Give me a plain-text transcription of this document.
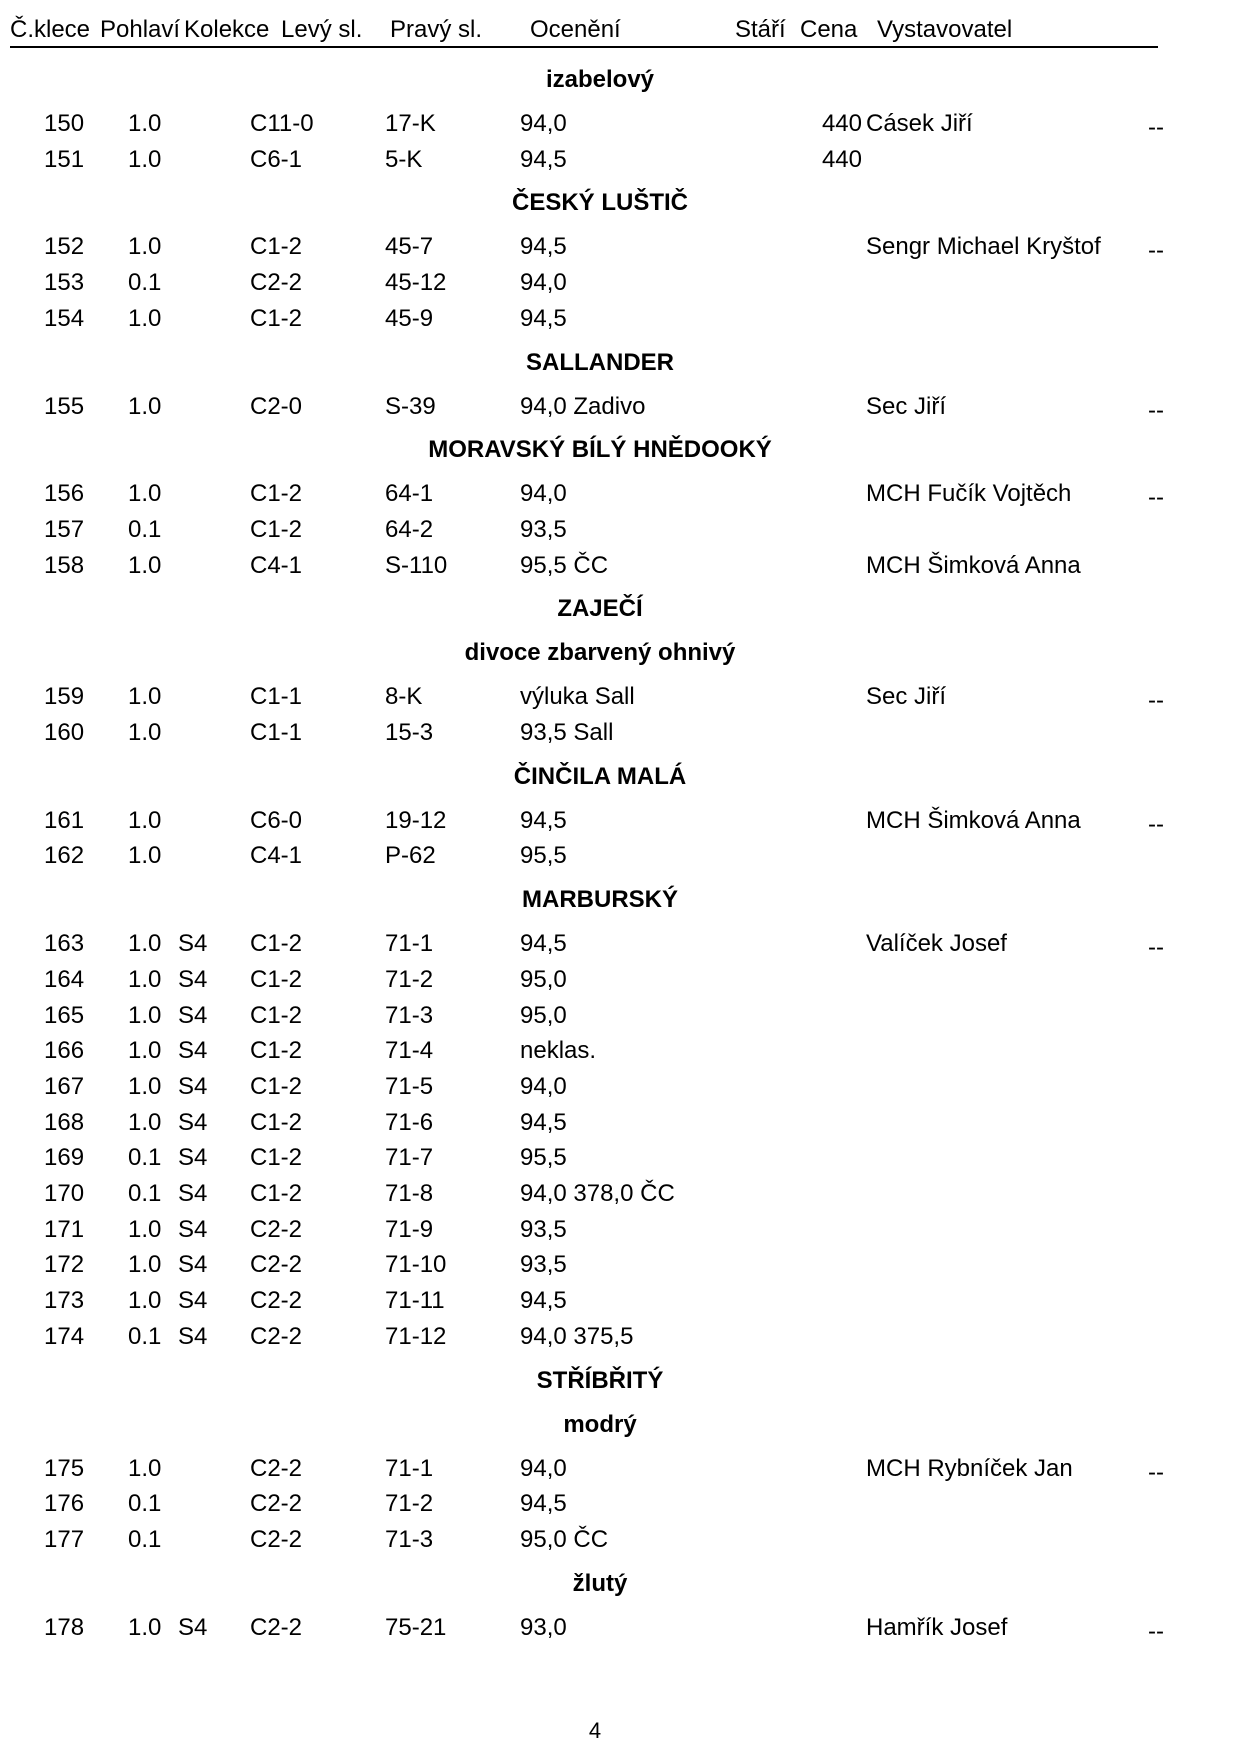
Č.klece Pohlaví Kolekce Levý sl. Pravý sl. Ocenění	Stáří Cena Vystavovatel
izabelový
150 1.0	C11-0	17-K	94,0	440 Cásek Jiří	--
151 1.0	C6-1	5-K	94,5	440
ČESKÝ LUŠTIČ
152 1.0	C1-2	45-7	94,5	Sengr Michael Kryštof --
153 0.1	C2-2	45-12	94,0
154 1.0	C1-2	45-9	94,5
SALLANDER
155 1.0	C2-0	S-39	94,0 Zadivo	Sec Jiří	--
MORAVSKÝ BÍLÝ HNĚDOOKÝ
156 1.0	C1-2	64-1	94,0	MCH Fučík Vojtěch	--
157 0.1	C1-2	64-2	93,5
158 1.0	C4-1	S-110	95,5 ČC	MCH Šimková Anna
ZAJEČÍ
divoce zbarvený ohnivý
159 1.0	C1-1	8-K	výluka Sall	Sec Jiří	--
160 1.0	C1-1	15-3	93,5 Sall
ČINČILA MALÁ
161 1.0	C6-0	19-12	94,5	MCH Šimková Anna	--
162 1.0	C4-1	P-62	95,5
MARBURSKÝ
163 1.0 S4 C1-2	71-1	94,5	Valíček Josef	--
164 1.0 S4 C1-2	71-2	95,0
165 1.0 S4 C1-2	71-3	95,0
166 1.0 S4 C1-2	71-4	neklas.
167 1.0 S4 C1-2	71-5	94,0
168 1.0 S4 C1-2	71-6	94,5
169 0.1 S4 C1-2	71-7	95,5
170 0.1 S4 C1-2	71-8	94,0 378,0 ČC
171 1.0 S4 C2-2	71-9	93,5
172 1.0 S4 C2-2	71-10	93,5
173 1.0 S4 C2-2	71-11	94,5
174 0.1 S4 C2-2	71-12	94,0 375,5
STŘÍBŘITÝ
modrý
175 1.0	C2-2	71-1	94,0	MCH Rybníček Jan	--
176 0.1	C2-2	71-2	94,5
177 0.1	C2-2	71-3	95,0 ČC
žlutý
178 1.0 S4 C2-2	75-21	93,0	Hamřík Josef	--
4
